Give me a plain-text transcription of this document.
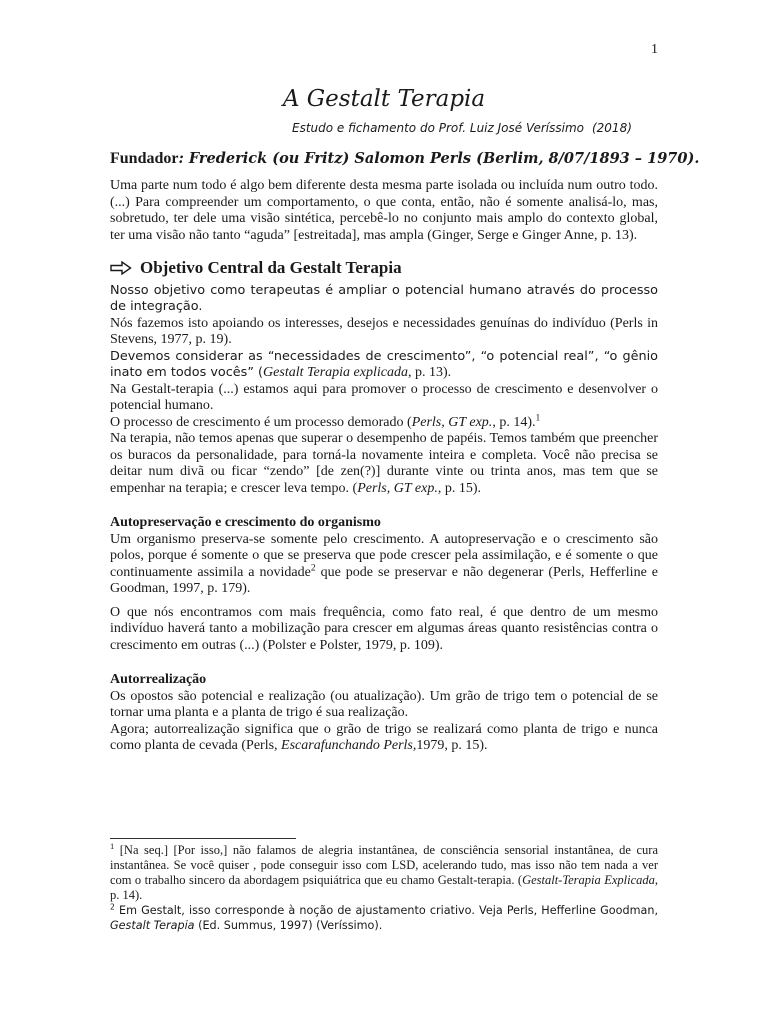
1
A Gestalt Terapia
Estudo e fichamento do Prof. Luiz José Veríssimo (2018)
Fundador: Frederick (ou Fritz) Salomon Perls (Berlim, 8/07/1893 – 1970).

Uma parte num todo é algo bem diferente desta mesma parte isolada ou incluída num outro todo. (...) Para compreender um comportamento, o que conta, então, não é somente analisá-lo, mas, sobretudo, ter dele uma visão sintética, percebê-lo no conjunto mais amplo do contexto global, ter uma visão não tanto “aguda” [estreitada], mas ampla (Ginger, Serge e Ginger Anne, p. 13).

Objetivo Central da Gestalt Terapia

Nosso objetivo como terapeutas é ampliar o potencial humano através do processo de integração.

Nós fazemos isto apoiando os interesses, desejos e necessidades genuínas do indivíduo (Perls in Stevens, 1977, p. 19).

Devemos considerar as “necessidades de crescimento”, “o potencial real”, “o gênio inato em todos vocês” (Gestalt Terapia explicada, p. 13).

Na Gestalt-terapia (...) estamos aqui para promover o processo de crescimento e desenvolver o potencial humano.

O processo de crescimento é um processo demorado (Perls, GT exp., p. 14).$^1$

Na terapia, não temos apenas que superar o desempenho de papéis. Temos também que preencher os buracos da personalidade, para torná-la novamente inteira e completa. Você não precisa se deitar num divã ou ficar “zendo” [de zen(?)] durante vinte ou trinta anos, mas tem que se empenhar na terapia; e crescer leva tempo. (Perls, GT exp., p. 15).

Autopreservação e crescimento do organismo

Um organismo preserva-se somente pelo crescimento. A autopreservação e o crescimento são polos, porque é somente o que se preserva que pode crescer pela assimilação, e é somente o que continuamente assimila a novidade$^2$ que pode se preservar e não degenerar (Perls, Hefferline e Goodman, 1997, p. 179).

O que nós encontramos com mais frequência, como fato real, é que dentro de um mesmo indivíduo haverá tanto a mobilização para crescer em algumas áreas quanto resistências contra o crescimento em outras (...) (Polster e Polster, 1979, p. 109).

Autorrealização

Os opostos são potencial e realização (ou atualização). Um grão de trigo tem o potencial de se tornar uma planta e a planta de trigo é sua realização.

Agora; autorrealização significa que o grão de trigo se realizará como planta de trigo e nunca como planta de cevada (Perls, Escarafunchando Perls,1979, p. 15).

$^1$ [Na seq.] [Por isso,] não falamos de alegria instantânea, de consciência sensorial instantânea, de cura instantânea. Se você quiser , pode conseguir isso com LSD, acelerando tudo, mas isso não tem nada a ver com o trabalho sincero da abordagem psiquiátrica que eu chamo Gestalt-terapia. (Gestalt-Terapia Explicada, p. 14).

$^2$ Em Gestalt, isso corresponde à noção de ajustamento criativo. Veja Perls, Hefferline Goodman, Gestalt Terapia (Ed. Summus, 1997) (Veríssimo).
